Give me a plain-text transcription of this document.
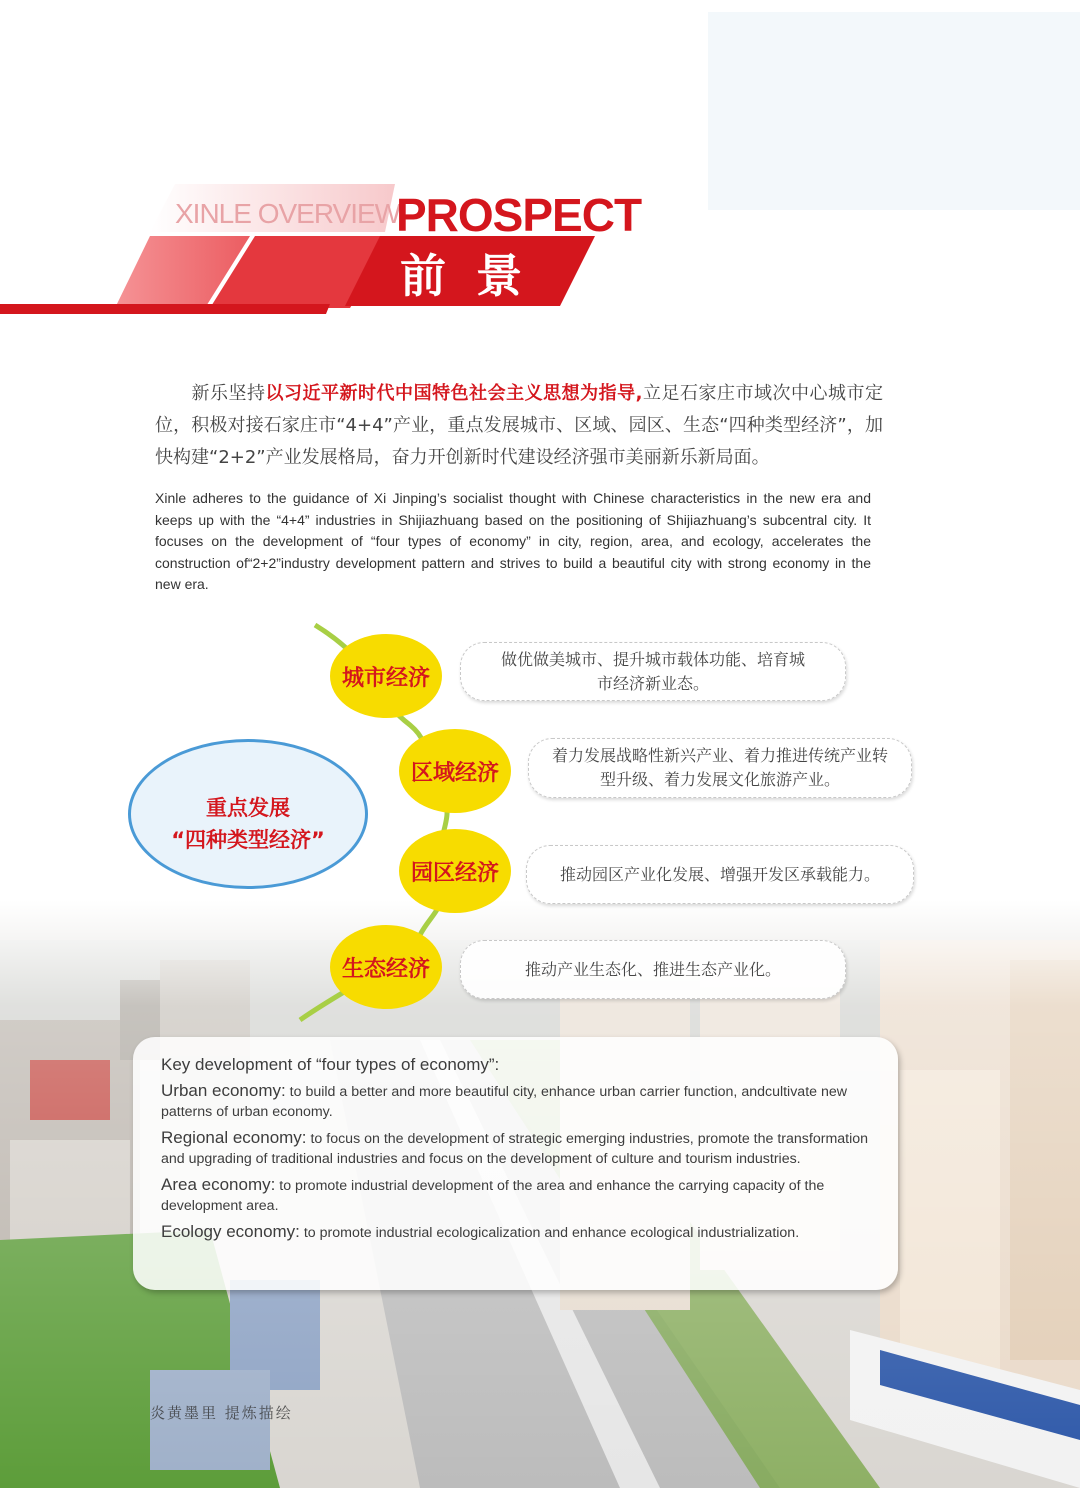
XINLE OVERVIEW
PROSPECT
前景
新乐坚持以习近平新时代中国特色社会主义思想为指导,立足石家庄市域次中心城市定位，积极对接石家庄市“4+4”产业，重点发展城市、区域、园区、生态“四种类型经济”，加快构建“2+2”产业发展格局，奋力开创新时代建设经济强市美丽新乐新局面。
Xinle adheres to the guidance of Xi Jinping’s socialist thought with Chinese characteristics in the new era and keeps up with the “4+4” industries in Shijiazhuang based on the positioning of Shijiazhuang’s subcentral city. It focuses on the development of “four types of economy” in city, region, area, and ecology, accelerates the construction of“2+2”industry development pattern and strives to build a beautiful city with strong economy in the new era.
重点发展
“四种类型经济”
城市经济
区域经济
园区经济
生态经济
做优做美城市、提升城市载体功能、培育城市经济新业态。
着力发展战略性新兴产业、着力推进传统产业转型升级、着力发展文化旅游产业。
推动园区产业化发展、增强开发区承载能力。
推动产业生态化、推进生态产业化。
Key development of “four types of economy”:
Urban economy: to build a better and more beautiful city, enhance urban carrier function, andcultivate new patterns of urban economy.
Regional economy: to focus on the development of strategic emerging industries, promote the transformation and upgrading of traditional industries and focus on the development of culture and tourism industries.
Area economy: to promote industrial development of the area and enhance the carrying capacity of the development area.
Ecology economy: to promote industrial ecologicalization and enhance ecological industrialization.
炎黄墨里 提炼描绘
